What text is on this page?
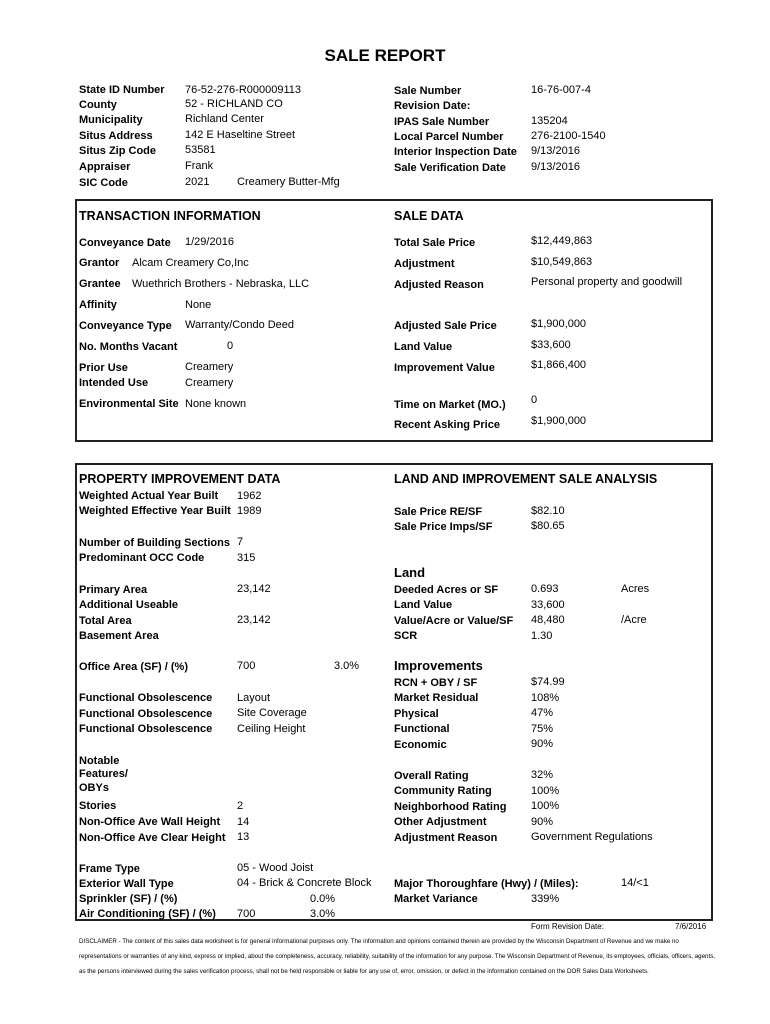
SALE REPORT
State ID Number 76-52-276-R000009113
County	52 - RICHLAND CO
Municipality	Richland Center
Situs Address	142 E Haseltine Street
Situs Zip Code	53581
Appraiser	Frank
SIC Code	2021	Creamery Butter-Mfg
Sale Number	16-76-007-4
Revision Date:
IPAS Sale Number	135204
Local Parcel Number	276-2100-1540
Interior Inspection Date 9/13/2016
Sale Verification Date 9/13/2016
TRANSACTION INFORMATION	SALE DATA
Conveyance Date 1/29/2016
Grantor Alcam Creamery Co,Inc
Grantee Wuethrich Brothers - Nebraska, LLC
Affinity	None
Conveyance Type Warranty/Condo Deed
No. Months Vacant	0
Prior Use	Creamery
Intended Use	Creamery
Environmental Site None known
Total Sale Price	$12,449,863
Adjustment	$10,549,863
Adjusted Reason	Personal property and goodwill
Adjusted Sale Price	$1,900,000
Land Value	$33,600
Improvement Value	$1,866,400
Time on Market (MO.) 0
Recent Asking Price	$1,900,000
PROPERTY IMPROVEMENT DATA	LAND AND IMPROVEMENT SALE ANALYSIS
Weighted Actual Year Built 1962
Weighted Effective Year Built 1989
Number of Building Sections 7
Predominant OCC Code	315
Primary Area	23,142
Additional Useable
Total Area	23,142
Basement Area
Office Area (SF) / (%)	700	3.0%
Functional Obsolescence Layout
Functional Obsolescence Site Coverage
Functional Obsolescence Ceiling Height
Notable
Features/
OBYs
Stories	2
Non-Office Ave Wall Height 14
Non-Office Ave Clear Height 13
Frame Type	05 - Wood Joist
Exterior Wall Type	04 - Brick & Concrete Block
Sprinkler (SF) / (%)	0.0%
Air Conditioning (SF) / (%) 700	3.0%
Sale Price RE/SF	$82.10
Sale Price Imps/SF	$80.65
Land
Deeded Acres or SF	0.693	Acres
Land Value	33,600
Value/Acre or Value/SF 48,480	/Acre
SCR	1.30
Improvements
RCN + OBY / SF	$74.99
Market Residual	108%
Physical	47%
Functional	75%
Economic	90%
Overall Rating	32%
Community Rating	100%
Neighborhood Rating 100%
Other Adjustment	90%
Adjustment Reason	Government Regulations
Major Thoroughfare (Hwy) / (Miles):	14/<1
Market Variance	339%
Form Revision Date:	7/6/2016
DISCLAIMER - The content of this sales data worksheet is for general informational purposes only. The information and opinions contained therein are provided by the Wisconsin Department of Revenue and we make no representations or warranties of any kind, express or implied, about the completeness, accuracy, reliability, suitability of the information for any purpose. The Wisconsin Department of Revenue, its employees, officials, officers, agents, as the persons interviewed during the sales verification process, shall not be held responsible or liable for any use of, error, omission, or defect in the information contained on the DOR Sales Data Worksheets.
